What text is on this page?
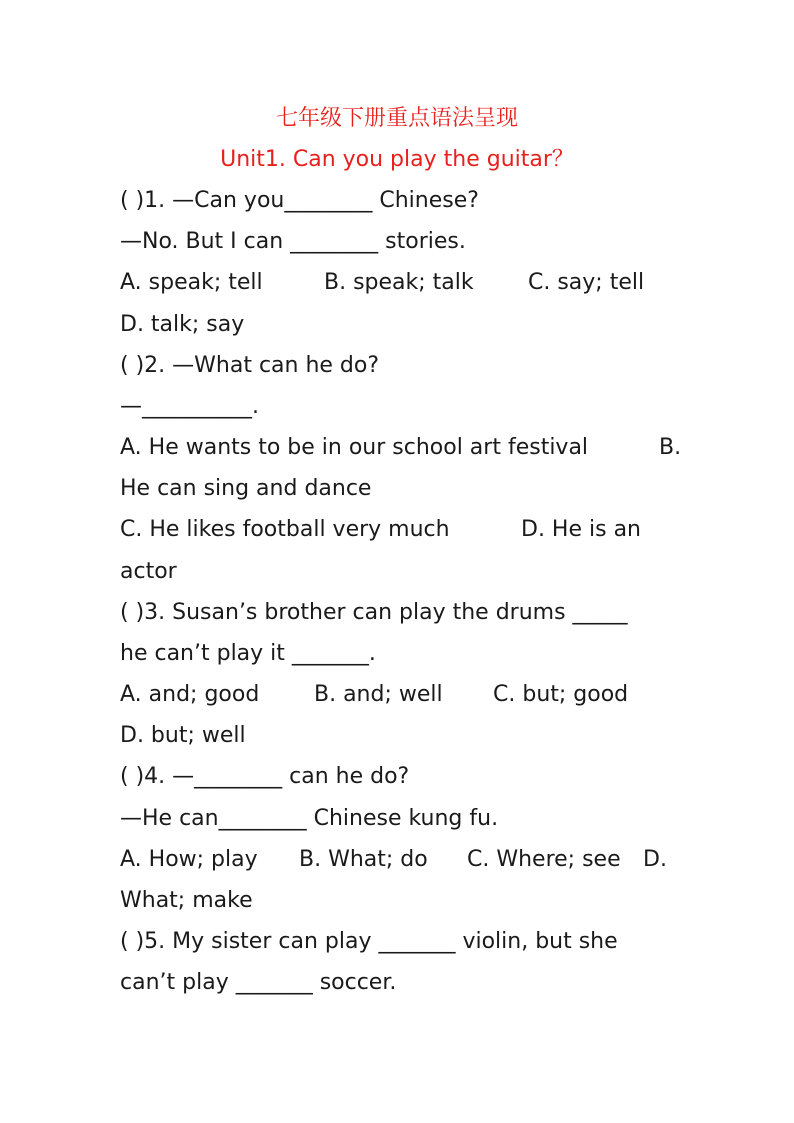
七年级下册重点语法呈现
Unit1. Can you play the guitar？
( )1. —Can you________ Chinese?
—No. But I can ________ stories.
A. speak; tell	B. speak; talk C. say; tell
D. talk; say
( )2. —What can he do?
—__________.
A. He wants to be in our school art festival	B.
He can sing and dance
C. He likes football very much	D. He is an
actor
( )3. Susan’s brother can play the drums _____
he can’t play it _______.
A. and; good B. and; well C. but; good
D. but; well
( )4. —________ can he do?
—He can________ Chinese kung fu.
A. How; play B. What; do C. Where; see D.
What; make
( )5. My sister can play _______ violin, but she
can’t play _______ soccer.
